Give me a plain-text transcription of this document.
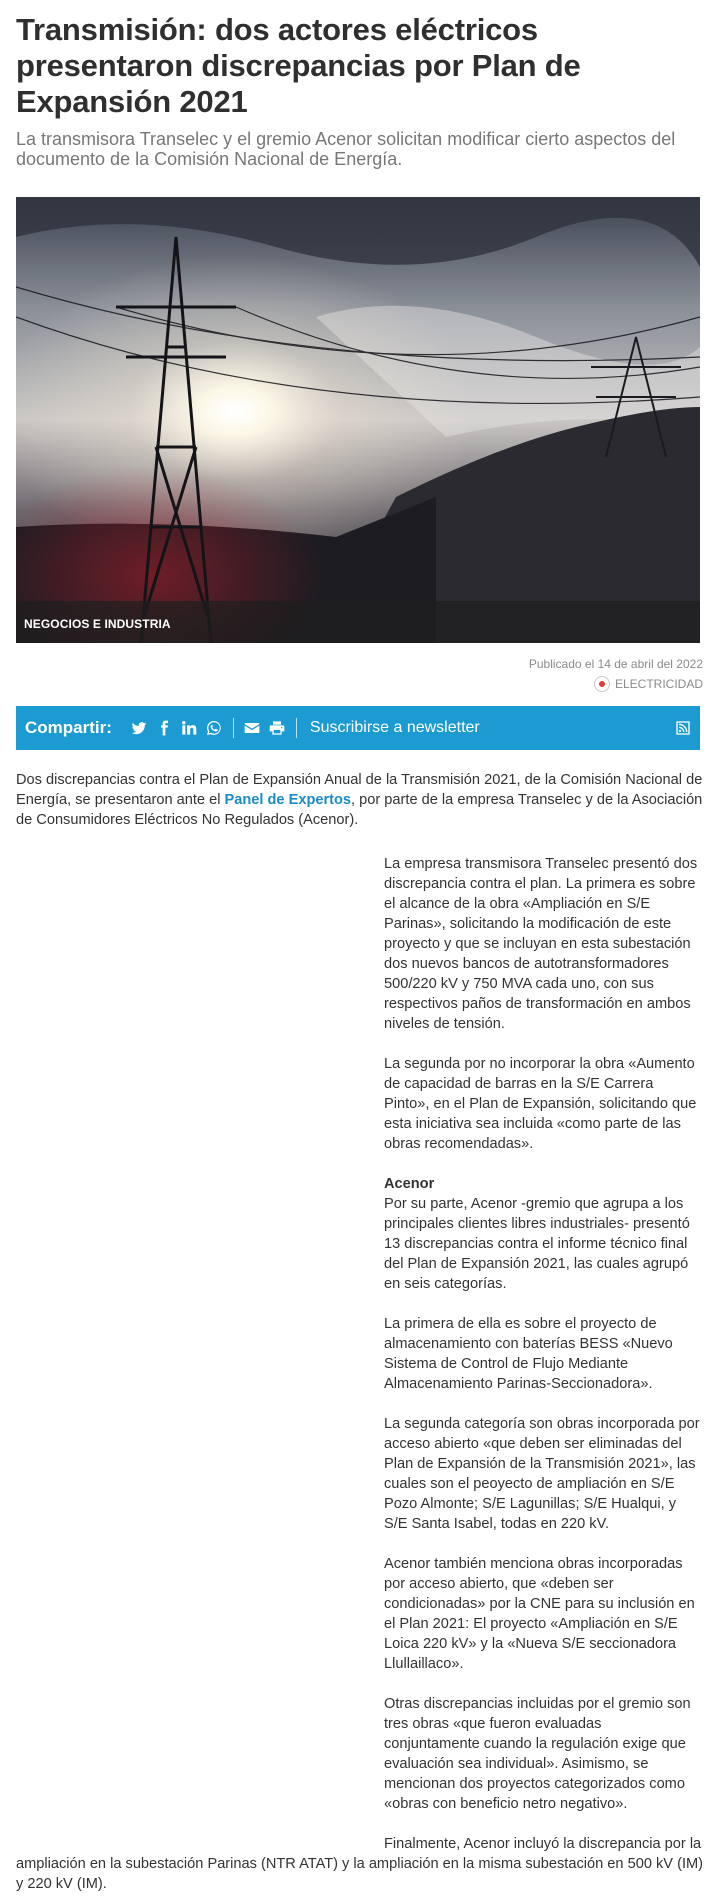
Transmisión: dos actores eléctricos presentaron discrepancias por Plan de Expansión 2021

La transmisora Transelec y el gremio Acenor solicitan modificar cierto aspectos del documento de la Comisión Nacional de Energía.

NEGOCIOS E INDUSTRIA
Publicado el 14 de abril del 2022
ELECTRICIDAD
Compartir:	Suscribirse a newsletter

Dos discrepancias contra el Plan de Expansión Anual de la Transmisión 2021, de la Comisión Nacional de Energía, se presentaron ante el Panel de Expertos, por parte de la empresa Transelec y de la Asociación de Consumidores Eléctricos No Regulados (Acenor).

La empresa transmisora Transelec presentó dos discrepancia contra el plan. La primera es sobre el alcance de la obra «Ampliación en S/E Parinas», solicitando la modificación de este proyecto y que se incluyan en esta subestación dos nuevos bancos de autotransformadores 500/220 kV y 750 MVA cada uno, con sus respectivos paños de transformación en ambos niveles de tensión.

La segunda por no incorporar la obra «Aumento de capacidad de barras en la S/E Carrera Pinto», en el Plan de Expansión, solicitando que esta iniciativa sea incluida «como parte de las obras recomendadas».

Acenor

Por su parte, Acenor -gremio que agrupa a los principales clientes libres industriales- presentó 13 discrepancias contra el informe técnico final del Plan de Expansión 2021, las cuales agrupó en seis categorías.

La primera de ella es sobre el proyecto de almacenamiento con baterías BESS «Nuevo Sistema de Control de Flujo Mediante Almacenamiento Parinas-Seccionadora».

La segunda categoría son obras incorporada por acceso abierto «que deben ser eliminadas del Plan de Expansión de la Transmisión 2021», las cuales son el peoyecto de ampliación en S/E Pozo Almonte; S/E Lagunillas; S/E Hualqui, y S/E Santa Isabel, todas en 220 kV.

Acenor también menciona obras incorporadas por acceso abierto, que «deben ser condicionadas» por la CNE para su inclusión en el Plan 2021: El proyecto «Ampliación en S/E Loica 220 kV» y la «Nueva S/E seccionadora Llullaillaco».

Otras discrepancias incluidas por el gremio son tres obras «que fueron evaluadas conjuntamente cuando la regulación exige que evaluación sea individual». Asimismo, se mencionan dos proyectos categorizados como «obras con beneficio netro negativo».

Finalmente, Acenor incluyó la discrepancia por la ampliación en la subestación Parinas (NTR ATAT) y la ampliación en la misma subestación en 500 kV (IM) y 220 kV (IM).
